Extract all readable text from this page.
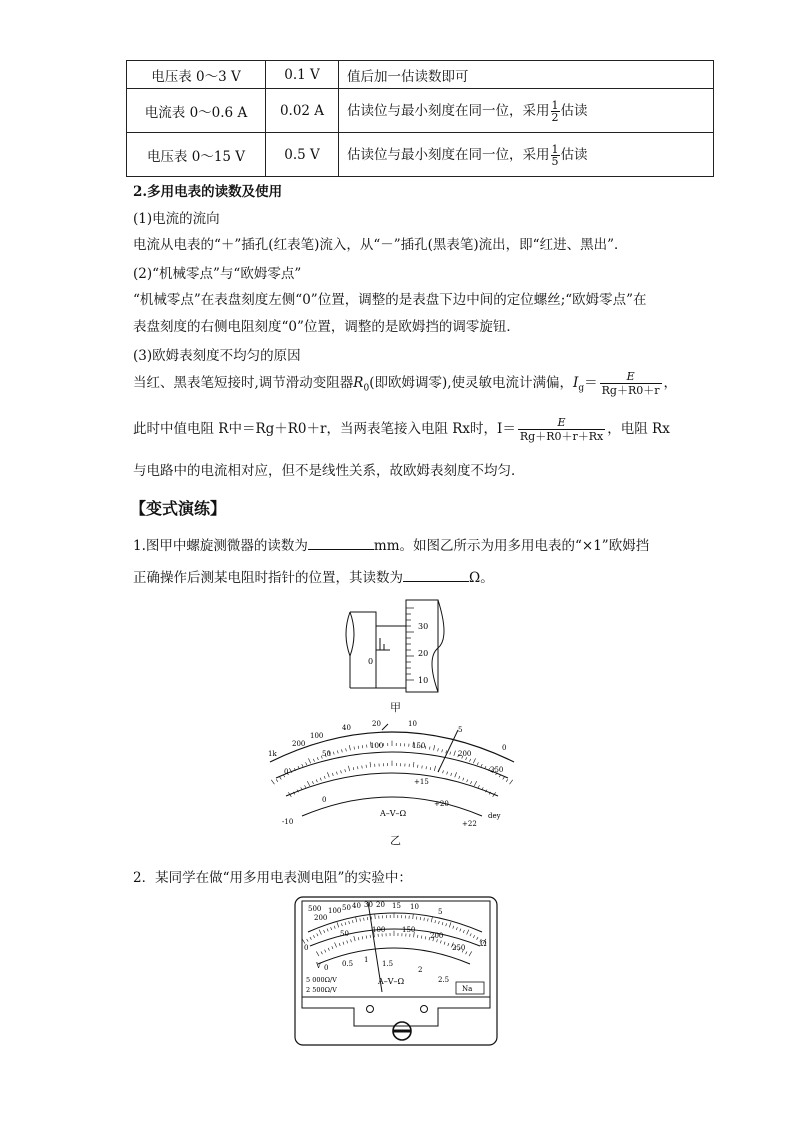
电压表 0～3 V	0.1 V	值后加一估读数即可
电流表 0～0.6 A	0.02 A	估读位与最小刻度在同一位，采用 $\frac{1}{2}$ 估读
电压表 0～15 V	0.5 V	估读位与最小刻度在同一位，采用 $\frac{1}{5}$ 估读
2.多用电表的读数及使用
(1)电流的流向
电流从电表的“＋”插孔(红表笔)流入，从“－”插孔(黑表笔)流出，即“红进、黑出”．
(2)“机械零点”与“欧姆零点”
“机械零点”在表盘刻度左侧“0”位置，调整的是表盘下边中间的定位螺丝;“欧姆零点”在
表盘刻度的右侧电阻刻度“0”位置，调整的是欧姆挡的调零旋钮．
(3)欧姆表刻度不均匀的原因
当红、黑表笔短接时,调节滑动变阻器$R_0$(即欧姆调零),使灵敏电流计满偏，$I_g= \frac{E}{Rg+R0+r}$ ，
此时中值电阻 R中＝Rg＋R0＋r，当两表笔接入电阻 Rx时，$I= \frac{E}{Rg+R0+r+Rx}$ ，电阻 Rx
与电路中的电流相对应，但不是线性关系，故欧姆表刻度不均匀．
【变式演练】
1.图甲中螺旋测微器的读数为	mm。如图乙所示为用多用电表的“×1”欧姆挡
正确操作后测某电阻时指针的位置，其读数为	Ω。
30
20
10
0
甲
1k
200
100
40	20	10
5
0
0
50
100	150
200
250
-10
0
+15
+20
+22
A–V–Ω	dey
乙
2．某同学在做“用多用电表测电阻”的实验中：
500
200
100 50 40 30 20 15 10
5
0
50	100 150
200
250 Ω
V 0 0.5 1 1.5
2
2.5
5 000Ω/V
2 500Ω/V
A–V–Ω
Na
